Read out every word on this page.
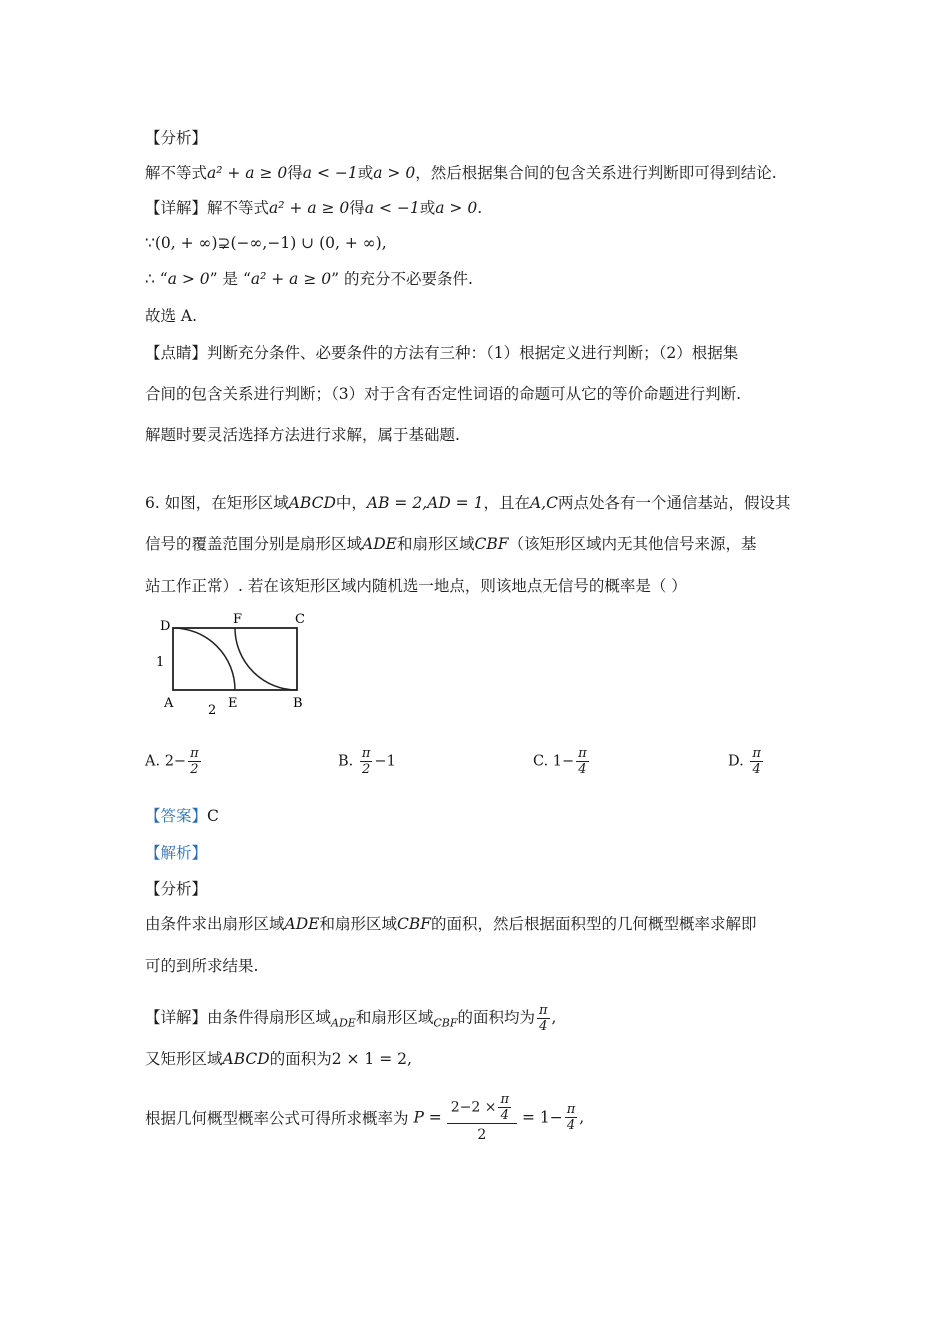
【分析】
解不等式a² + a ≥ 0得a < −1或a > 0，然后根据集合间的包含关系进行判断即可得到结论.
【详解】解不等式a² + a ≥ 0得a < −1或a > 0.
∵(0, + ∞)⊋(−∞,−1) ∪ (0, + ∞),
∴ “a > 0” 是 “a² + a ≥ 0” 的充分不必要条件.
故选 A.
【点睛】判断充分条件、必要条件的方法有三种：（1）根据定义进行判断；（2）根据集
合间的包含关系进行判断；（3）对于含有否定性词语的命题可从它的等价命题进行判断.
解题时要灵活选择方法进行求解，属于基础题.
6. 如图，在矩形区域ABCD中，AB = 2,AD = 1，且在A,C两点处各有一个通信基站，假设其
信号的覆盖范围分别是扇形区域ADE和扇形区域CBF（该矩形区域内无其他信号来源，基
站工作正常）. 若在该矩形区域内随机选一地点，则该地点无信号的概率是（ ）
D	F	C
A	E	B
1
2
A. $2- \frac{\pi}{2}$	B. $\frac{\pi}{2} -1$	C. $1- \frac{\pi}{4}$	D. $\frac{\pi}{4}$
【答案】C
【解析】
【分析】
由条件求出扇形区域ADE和扇形区域CBF的面积，然后根据面积型的几何概型概率求解即
可的到所求结果.
【详解】由条件得扇形区域$_{ADE}$和扇形区域$_{CBF}$的面积均为 $\frac{\pi}{4}$ ,
又矩形区域ABCD的面积为2 × 1 = 2,
根据几何概型概率公式可得所求概率为 $P = \frac{2-2 \times \frac{\pi}{4}}{2} = 1- \frac{\pi}{4}$ ,
